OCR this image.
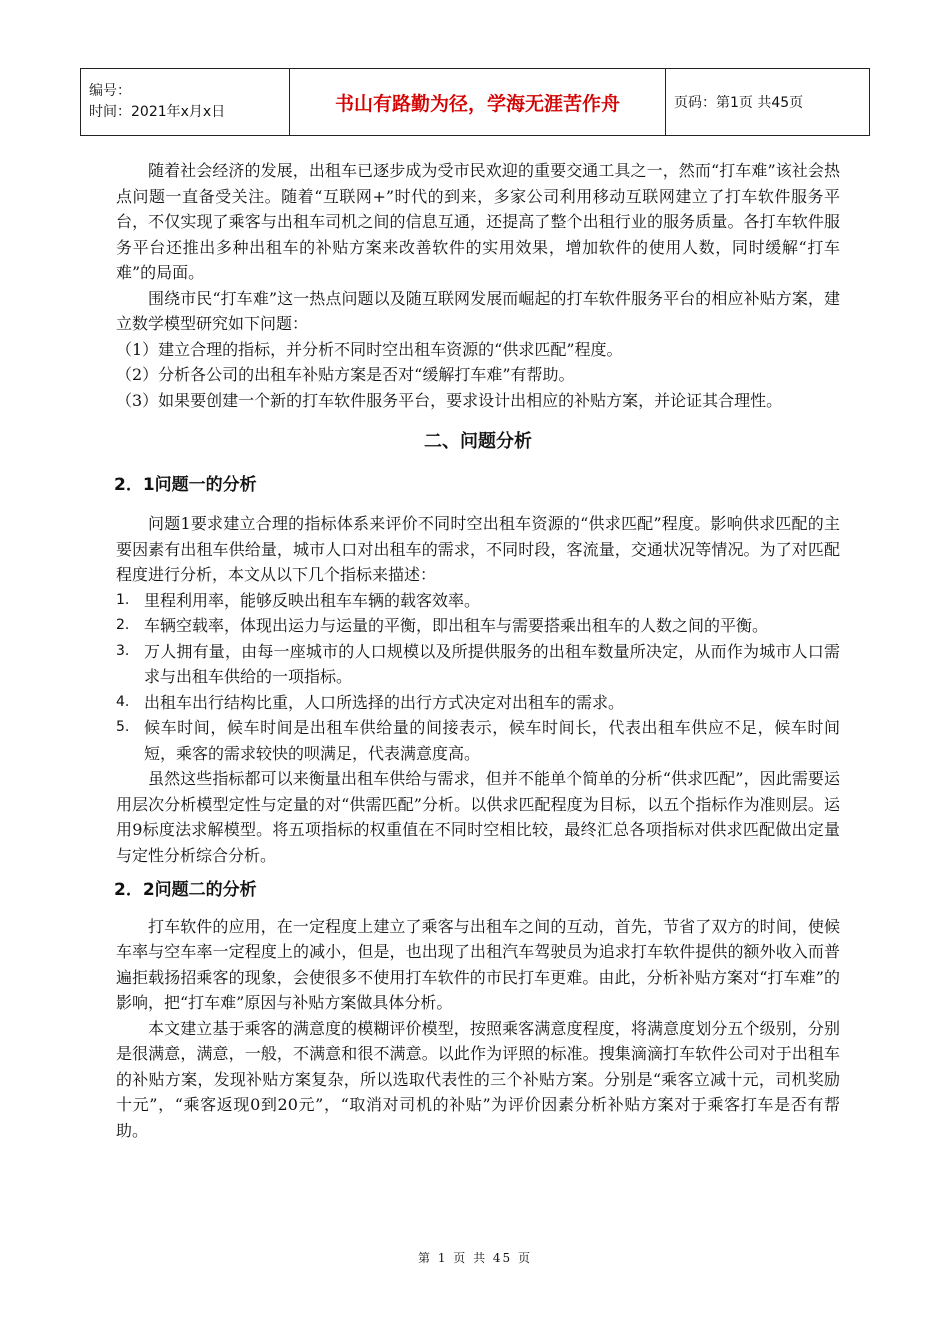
编号：
时间：2021年x月x日	书山有路勤为径，学海无涯苦作舟	页码：第1页 共45页

随着社会经济的发展，出租车已逐步成为受市民欢迎的重要交通工具之一，然而“打车难”该社会热点问题一直备受关注。随着“互联网+”时代的到来，多家公司利用移动互联网建立了打车软件服务平台，不仅实现了乘客与出租车司机之间的信息互通，还提高了整个出租行业的服务质量。各打车软件服务平台还推出多种出租车的补贴方案来改善软件的实用效果，增加软件的使用人数，同时缓解“打车难”的局面。

围绕市民“打车难”这一热点问题以及随互联网发展而崛起的打车软件服务平台的相应补贴方案，建立数学模型研究如下问题：

（1）建立合理的指标，并分析不同时空出租车资源的“供求匹配”程度。

（2）分析各公司的出租车补贴方案是否对“缓解打车难”有帮助。

（3）如果要创建一个新的打车软件服务平台，要求设计出相应的补贴方案，并论证其合理性。

二、问题分析
2．1问题一的分析

问题1要求建立合理的指标体系来评价不同时空出租车资源的“供求匹配”程度。影响供求匹配的主要因素有出租车供给量，城市人口对出租车的需求，不同时段，客流量，交通状况等情况。为了对匹配程度进行分析，本文从以下几个指标来描述：

1. 里程利用率，能够反映出租车车辆的载客效率。
2. 车辆空载率，体现出运力与运量的平衡，即出租车与需要搭乘出租车的人数之间的平衡。
3. 万人拥有量，由每一座城市的人口规模以及所提供服务的出租车数量所决定，从而作为城市人口需求与出租车供给的一项指标。
4. 出租车出行结构比重，人口所选择的出行方式决定对出租车的需求。
5. 候车时间，候车时间是出租车供给量的间接表示，候车时间长，代表出租车供应不足，候车时间短，乘客的需求较快的呗满足，代表满意度高。

虽然这些指标都可以来衡量出租车供给与需求，但并不能单个简单的分析“供求匹配”，因此需要运用层次分析模型定性与定量的对“供需匹配”分析。以供求匹配程度为目标，以五个指标作为准则层。运用9标度法求解模型。将五项指标的权重值在不同时空相比较，最终汇总各项指标对供求匹配做出定量与定性分析综合分析。

2．2问题二的分析

打车软件的应用，在一定程度上建立了乘客与出租车之间的互动，首先，节省了双方的时间，使候车率与空车率一定程度上的减小，但是，也出现了出租汽车驾驶员为追求打车软件提供的额外收入而普遍拒载扬招乘客的现象，会使很多不使用打车软件的市民打车更难。由此，分析补贴方案对“打车难”的影响，把“打车难”原因与补贴方案做具体分析。

本文建立基于乘客的满意度的模糊评价模型，按照乘客满意度程度，将满意度划分五个级别，分别是很满意，满意，一般，不满意和很不满意。以此作为评照的标准。搜集滴滴打车软件公司对于出租车的补贴方案，发现补贴方案复杂，所以选取代表性的三个补贴方案。分别是“乘客立减十元，司机奖励十元”，“乘客返现0到20元”，“取消对司机的补贴”为评价因素分析补贴方案对于乘客打车是否有帮助。

第 1 页 共 45 页
